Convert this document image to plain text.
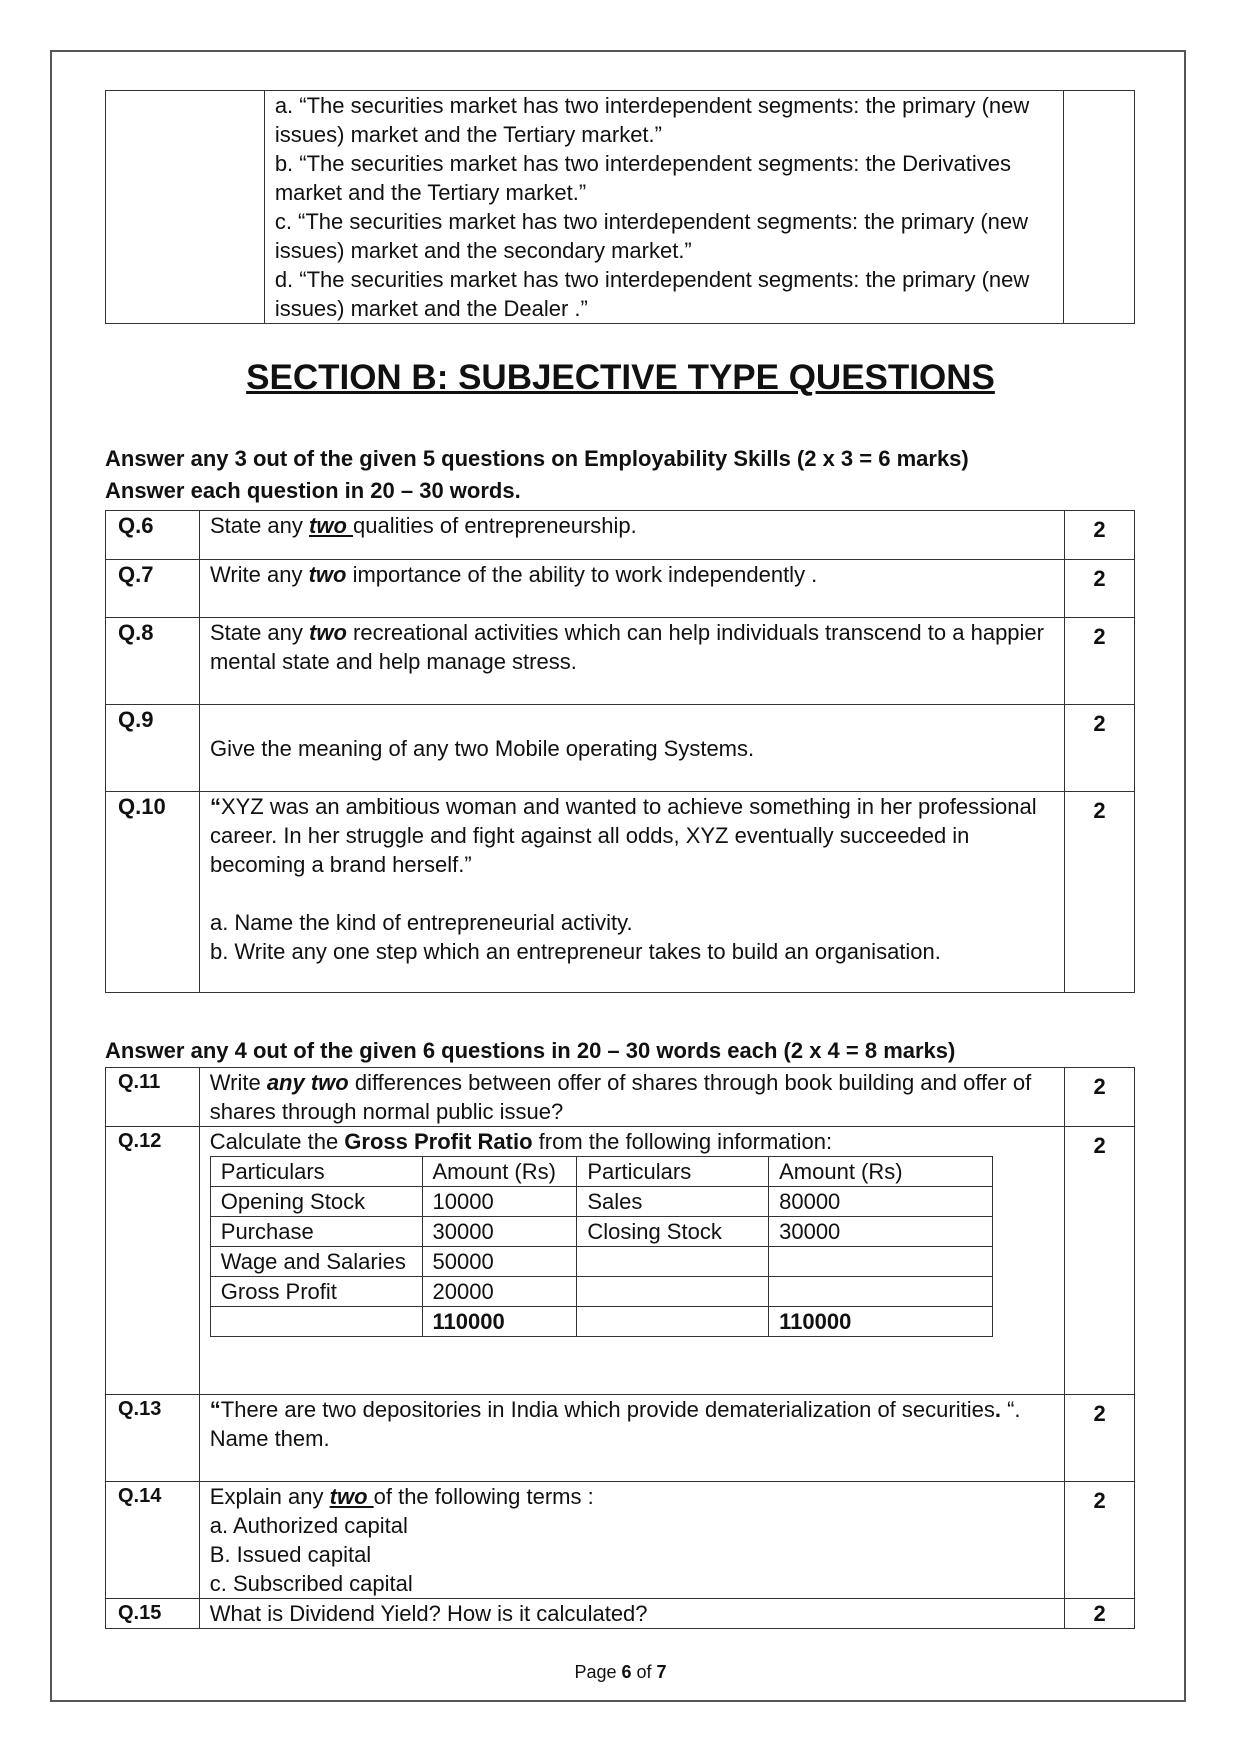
a. “The securities market has two interdependent segments: the primary (new issues) market and the Tertiary market.”
b. “The securities market has two interdependent segments: the Derivatives market and the Tertiary market.”
c. “The securities market has two interdependent segments: the primary (new issues) market and the secondary market.”
d. “The securities market has two interdependent segments: the primary (new issues) market and the Dealer .”

SECTION B: SUBJECTIVE TYPE QUESTIONS
Answer any 3 out of the given 5 questions on Employability Skills (2 x 3 = 6 marks)
Answer each question in 20 – 30 words.
Q.6	State any two qualities of entrepreneurship.	2
Q.7	Write any two importance of the ability to work independently .	2
Q.8	State any two recreational activities which can help individuals transcend to a happier mental state and help manage stress.	2
Q.9	Give the meaning of any two Mobile operating Systems.	2
Q.10	“XYZ was an ambitious woman and wanted to achieve something in her professional career. In her struggle and fight against all odds, XYZ eventually succeeded in becoming a brand herself.”
a. Name the kind of entrepreneurial activity.
b. Write any one step which an entrepreneur takes to build an organisation.	2
Answer any 4 out of the given 6 questions in 20 – 30 words each (2 x 4 = 8 marks)
Q.11	Write any two differences between offer of shares through book building and offer of shares through normal public issue?	2
Q.12	Calculate the Gross Profit Ratio from the following information:
Particulars	Amount (Rs)	Particulars	Amount (Rs)
Opening Stock	10000	Sales	80000
Purchase	30000	Closing Stock	30000
Wage and Salaries	50000		
Gross Profit	20000		
	110000		110000
	2
Q.13	“There are two depositories in India which provide dematerialization of securities. “. Name them.	2
Q.14	Explain any two of the following terms :
a. Authorized capital
B. Issued capital
c. Subscribed capital
	2
Q.15	What is Dividend Yield? How is it calculated?	2
Page 6 of 7
